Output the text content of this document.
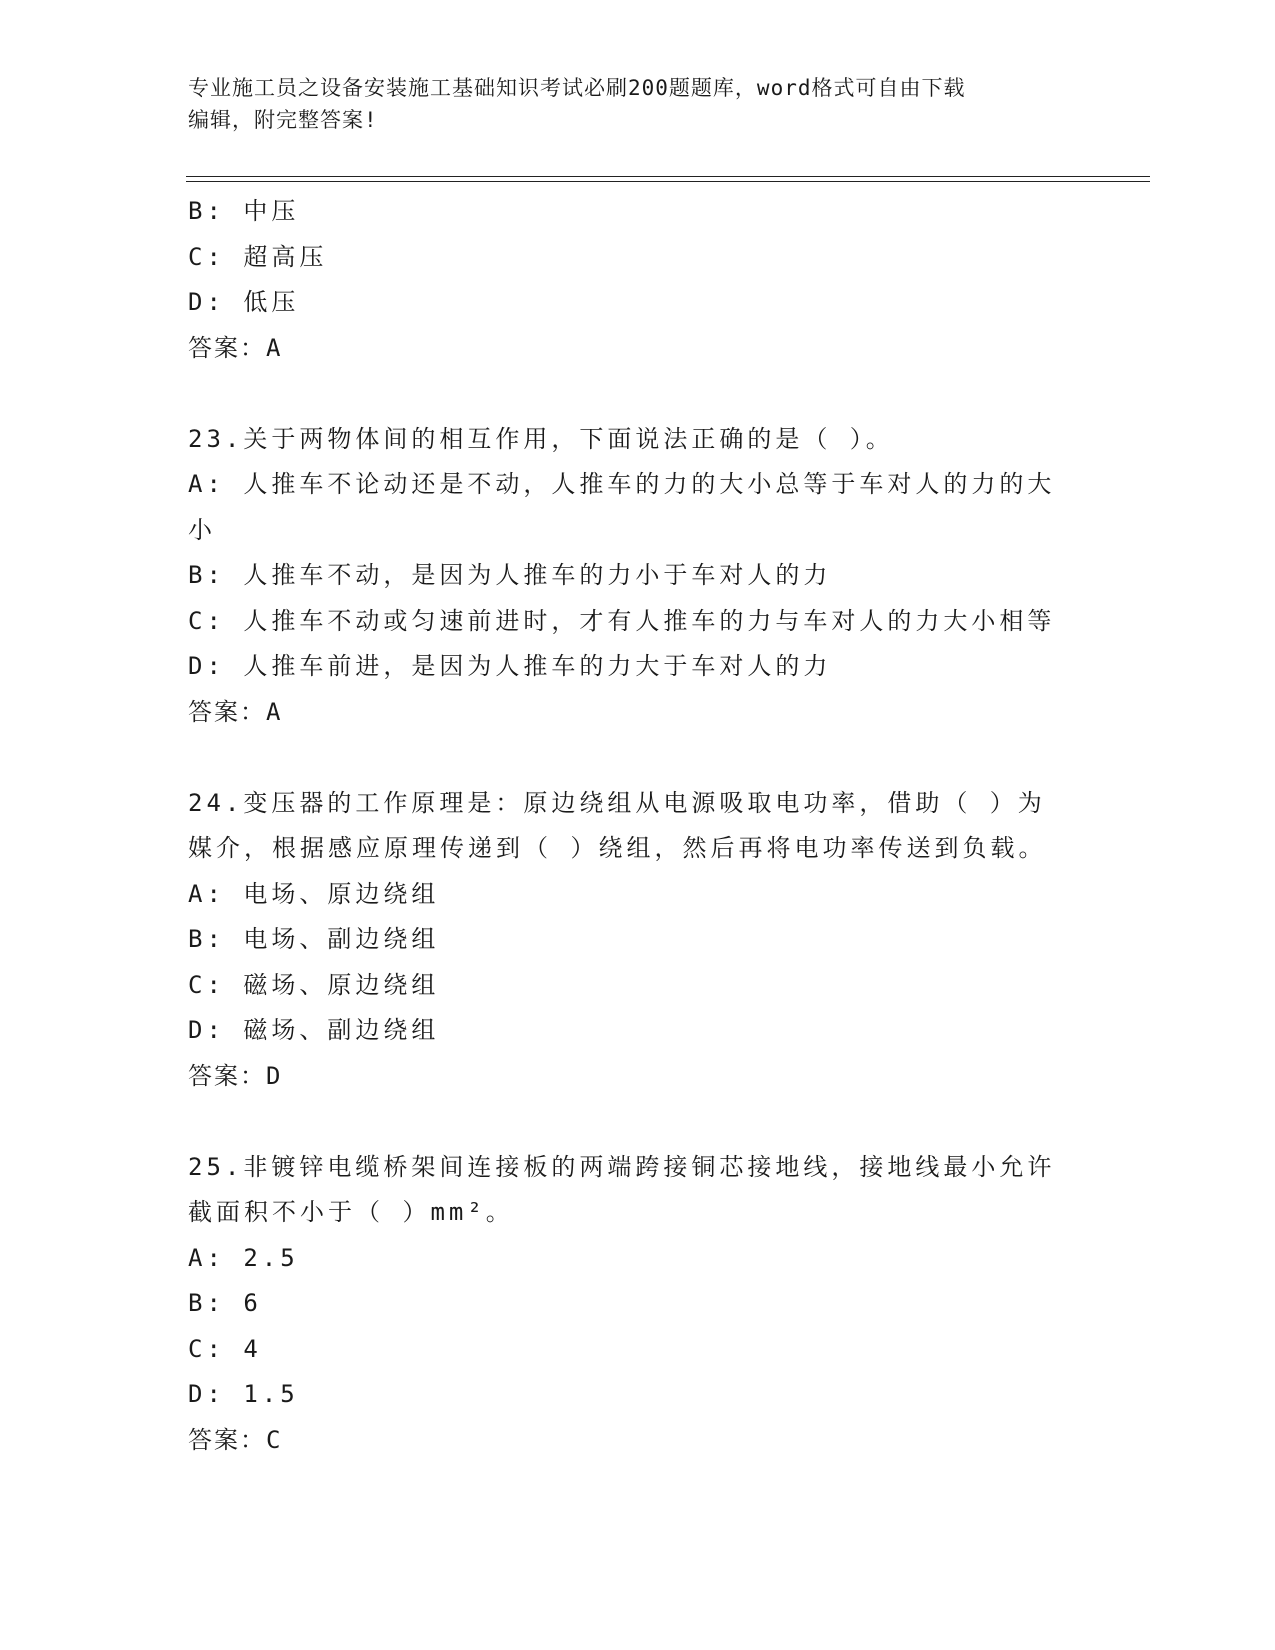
专业施工员之设备安装施工基础知识考试必刷200题题库，word格式可自由下载
编辑，附完整答案!
B: 中压
C: 超高压
D: 低压
答案：A
23.关于两物体间的相互作用，下面说法正确的是（ ）。
A: 人推车不论动还是不动，人推车的力的大小总等于车对人的力的大
小
B: 人推车不动，是因为人推车的力小于车对人的力
C: 人推车不动或匀速前进时，才有人推车的力与车对人的力大小相等
D: 人推车前进，是因为人推车的力大于车对人的力
答案：A
24.变压器的工作原理是：原边绕组从电源吸取电功率，借助（ ）为
媒介，根据感应原理传递到（ ）绕组，然后再将电功率传送到负载。
A: 电场、原边绕组
B: 电场、副边绕组
C: 磁场、原边绕组
D: 磁场、副边绕组
答案：D
25.非镀锌电缆桥架间连接板的两端跨接铜芯接地线，接地线最小允许
截面积不小于（ ）mm²。
A: 2.5
B: 6
C: 4
D: 1.5
答案：C
